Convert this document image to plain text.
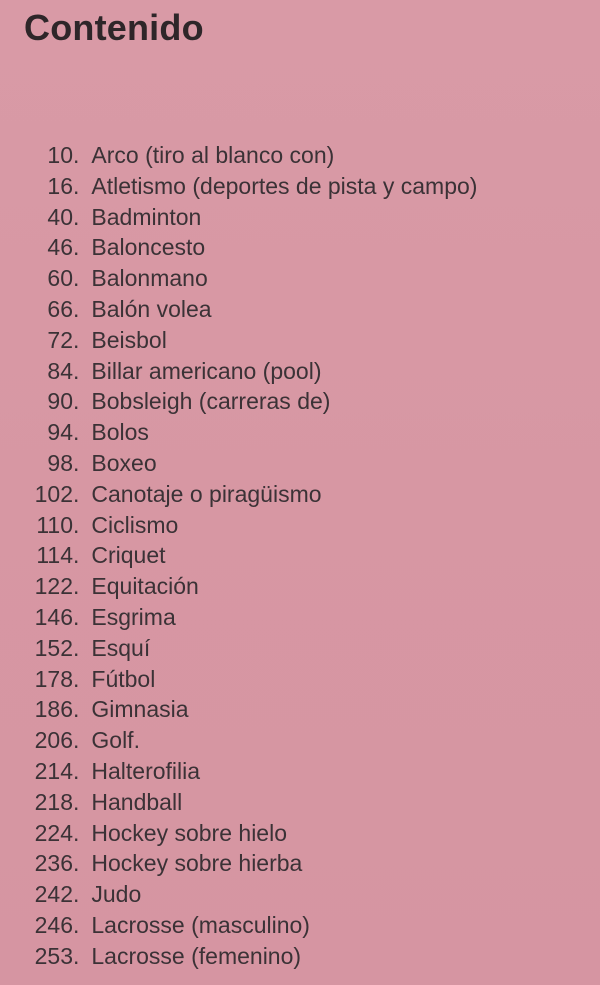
Contenido
10 . Arco (tiro al blanco con)
16 . Atletismo (deportes de pista y campo)
40 . Badminton
46 . Baloncesto
60 . Balonmano
66 . Balón volea
72 . Beisbol
84 . Billar americano (pool)
90 . Bobsleigh (carreras de)
94 . Bolos
98 . Boxeo
102 . Canotaje o piragüismo
110 . Ciclismo
114 . Criquet
122 . Equitación
146 . Esgrima
152 . Esquí
178 . Fútbol
186 . Gimnasia
206 . Golf.
214 . Halterofilia
218 . Handball
224 . Hockey sobre hielo
236 . Hockey sobre hierba
242 . Judo
246 . Lacrosse (masculino)
253 . Lacrosse (femenino)
